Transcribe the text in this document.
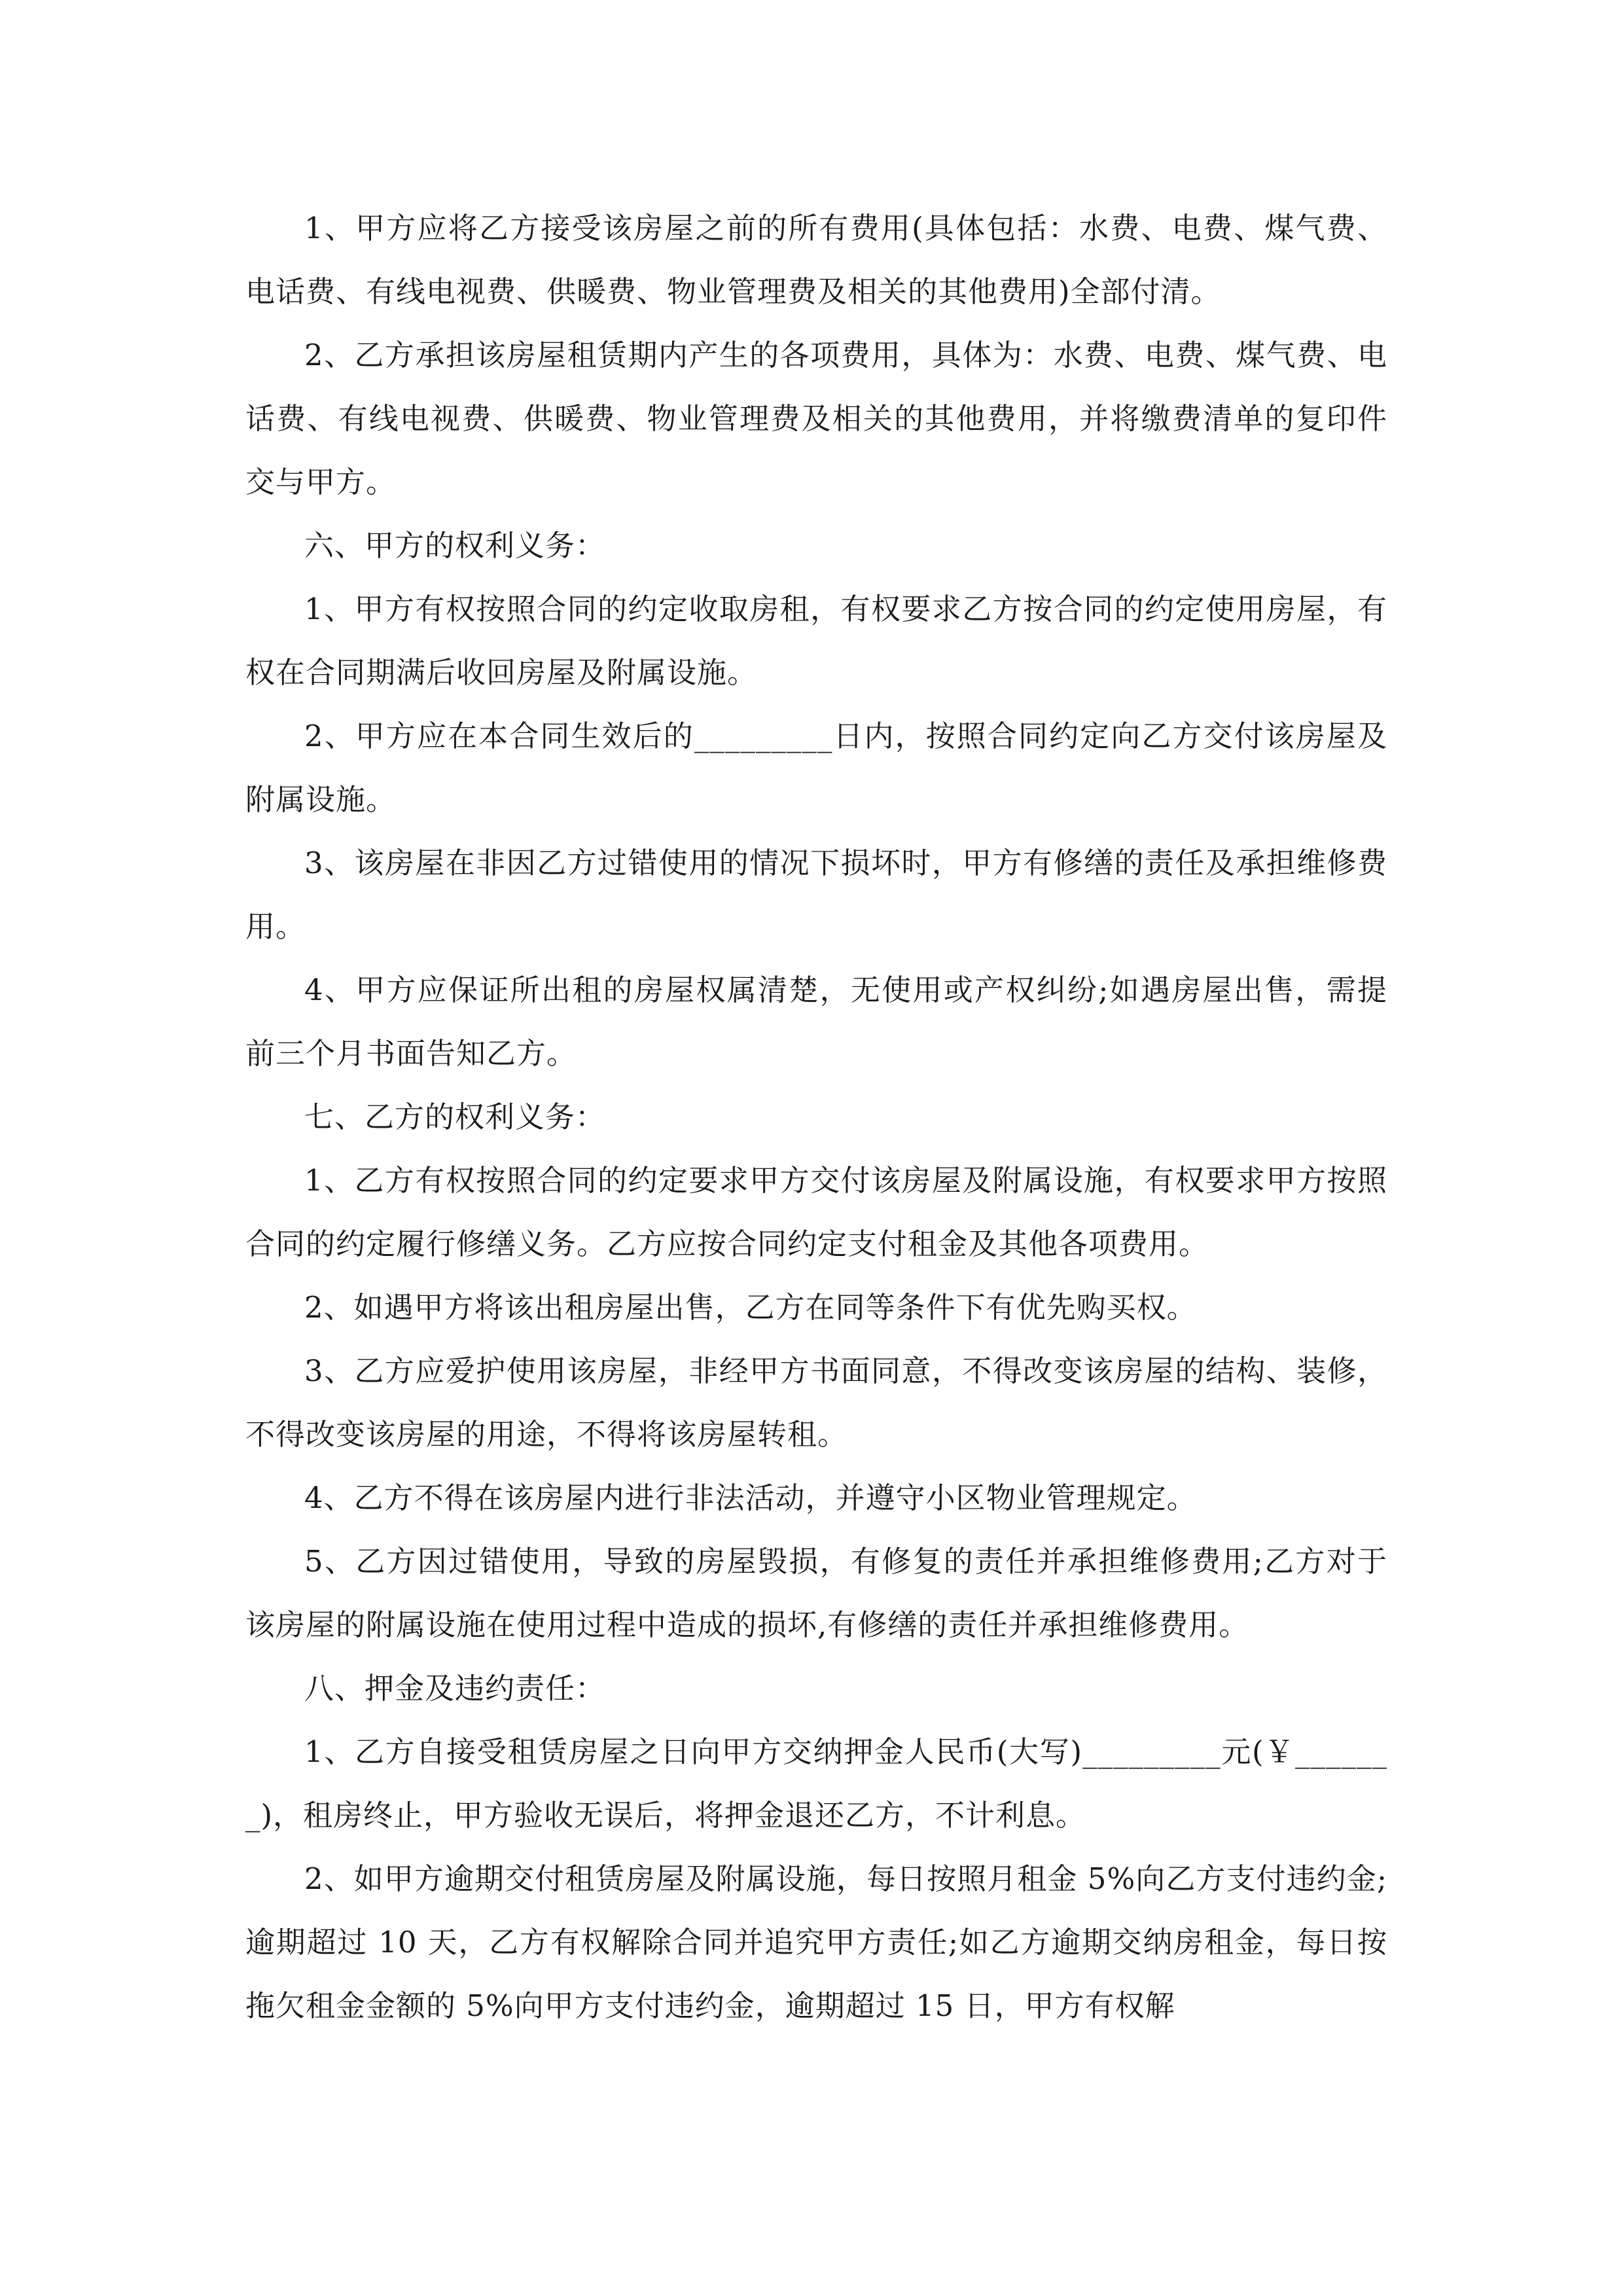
1、甲方应将乙方接受该房屋之前的所有费用(具体包括：水费、电费、煤气费、电话费、有线电视费、供暖费、物业管理费及相关的其他费用)全部付清。

2、乙方承担该房屋租赁期内产生的各项费用，具体为：水费、电费、煤气费、电话费、有线电视费、供暖费、物业管理费及相关的其他费用，并将缴费清单的复印件交与甲方。

六、甲方的权利义务：

1、甲方有权按照合同的约定收取房租，有权要求乙方按合同的约定使用房屋，有权在合同期满后收回房屋及附属设施。

2、甲方应在本合同生效后的_________日内，按照合同约定向乙方交付该房屋及附属设施。

3、该房屋在非因乙方过错使用的情况下损坏时，甲方有修缮的责任及承担维修费用。

4、甲方应保证所出租的房屋权属清楚，无使用或产权纠纷;如遇房屋出售，需提前三个月书面告知乙方。

七、乙方的权利义务：

1、乙方有权按照合同的约定要求甲方交付该房屋及附属设施，有权要求甲方按照合同的约定履行修缮义务。乙方应按合同约定支付租金及其他各项费用。

2、如遇甲方将该出租房屋出售，乙方在同等条件下有优先购买权。

3、乙方应爱护使用该房屋，非经甲方书面同意，不得改变该房屋的结构、装修，不得改变该房屋的用途，不得将该房屋转租。

4、乙方不得在该房屋内进行非法活动，并遵守小区物业管理规定。

5、乙方因过错使用，导致的房屋毁损，有修复的责任并承担维修费用;乙方对于该房屋的附属设施在使用过程中造成的损坏,有修缮的责任并承担维修费用。

八、押金及违约责任：

1、乙方自接受租赁房屋之日向甲方交纳押金人民币(大写)_________元(￥_______)，租房终止，甲方验收无误后，将押金退还乙方，不计利息。

2、如甲方逾期交付租赁房屋及附属设施，每日按照月租金 5%向乙方支付违约金;逾期超过 10 天，乙方有权解除合同并追究甲方责任;如乙方逾期交纳房租金，每日按拖欠租金金额的 5%向甲方支付违约金，逾期超过 15 日，甲方有权解
